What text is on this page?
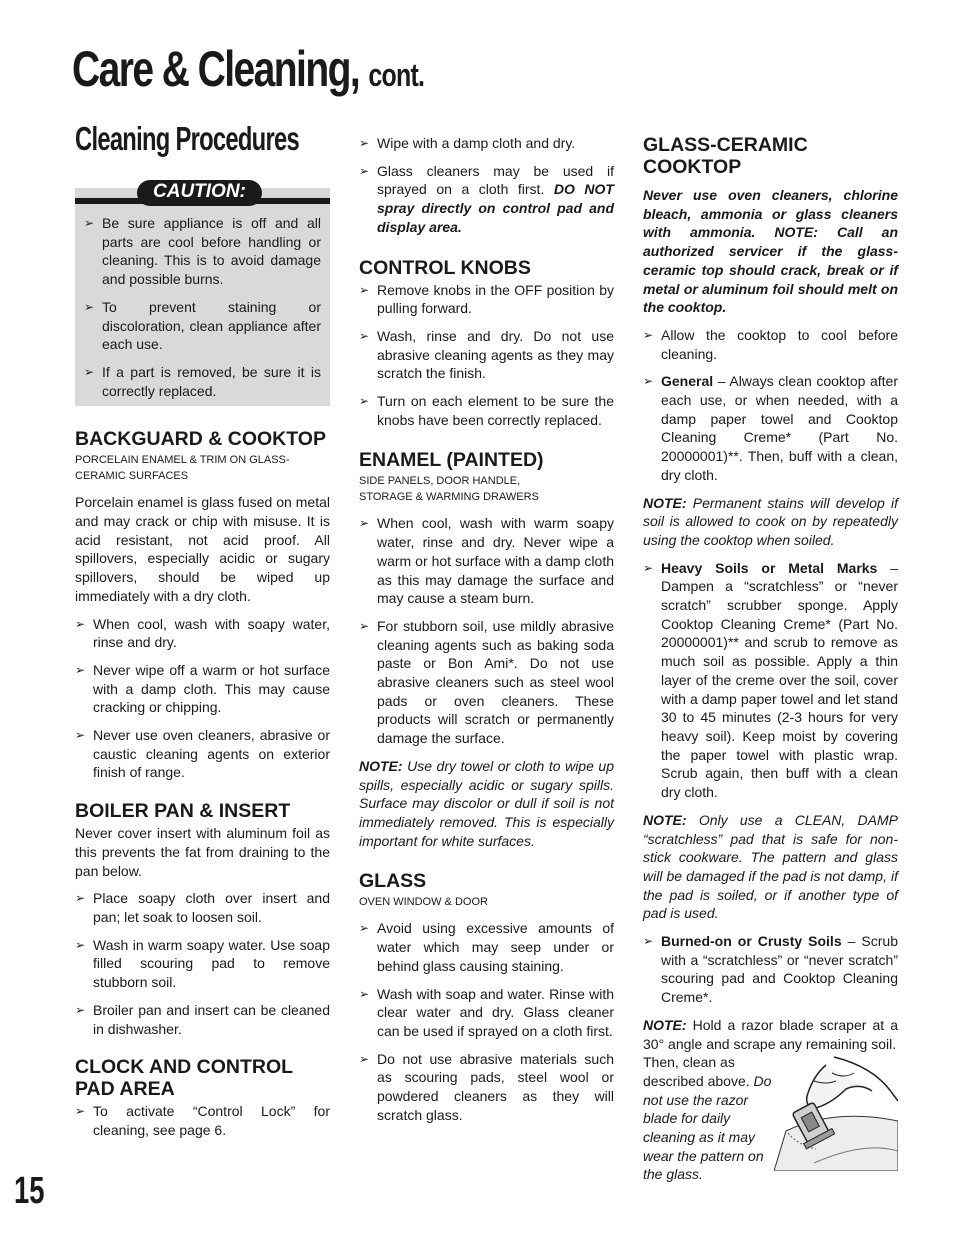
Care & Cleaning, cont.
Cleaning Procedures
CAUTION:
➢ Be sure appliance is off and all parts are cool before handling or cleaning. This is to avoid damage and possible burns.
➢ To prevent staining or discoloration, clean appliance after each use.
➢ If a part is removed, be sure it is correctly replaced.
BACKGUARD & COOKTOP
PORCELAIN ENAMEL & TRIM ON GLASS-CERAMIC SURFACES

Porcelain enamel is glass fused on metal and may crack or chip with misuse. It is acid resistant, not acid proof. All spillovers, especially acidic or sugary spillovers, should be wiped up immediately with a dry cloth.

➢ When cool, wash with soapy water, rinse and dry.
➢ Never wipe off a warm or hot surface with a damp cloth. This may cause cracking or chipping.
➢ Never use oven cleaners, abrasive or caustic cleaning agents on exterior finish of range.
BOILER PAN & INSERT

Never cover insert with aluminum foil as this prevents the fat from draining to the pan below.

➢ Place soapy cloth over insert and pan; let soak to loosen soil.
➢ Wash in warm soapy water. Use soap filled scouring pad to remove stubborn soil.
➢ Broiler pan and insert can be cleaned in dishwasher.
CLOCK AND CONTROL PAD AREA
➢ To activate “Control Lock” for cleaning, see page 6.
➢ Wipe with a damp cloth and dry.
➢ Glass cleaners may be used if sprayed on a cloth first. DO NOT spray directly on control pad and display area.
CONTROL KNOBS
➢ Remove knobs in the OFF position by pulling forward.
➢ Wash, rinse and dry. Do not use abrasive cleaning agents as they may scratch the finish.
➢ Turn on each element to be sure the knobs have been correctly replaced.
ENAMEL (PAINTED)
SIDE PANELS, DOOR HANDLE,
STORAGE & WARMING DRAWERS
➢ When cool, wash with warm soapy water, rinse and dry. Never wipe a warm or hot surface with a damp cloth as this may damage the surface and may cause a steam burn.
➢ For stubborn soil, use mildly abrasive cleaning agents such as baking soda paste or Bon Ami*. Do not use abrasive cleaners such as steel wool pads or oven cleaners. These products will scratch or permanently damage the surface.
NOTE: Use dry towel or cloth to wipe up spills, especially acidic or sugary spills. Surface may discolor or dull if soil is not immediately removed. This is especially important for white surfaces.
GLASS
OVEN WINDOW & DOOR
➢ Avoid using excessive amounts of water which may seep under or behind glass causing staining.
➢ Wash with soap and water. Rinse with clear water and dry. Glass cleaner can be used if sprayed on a cloth first.
➢ Do not use abrasive materials such as scouring pads, steel wool or powdered cleaners as they will scratch glass.
GLASS-CERAMIC
COOKTOP
Never use oven cleaners, chlorine bleach, ammonia or glass cleaners with ammonia. NOTE: Call an authorized servicer if the glass-ceramic top should crack, break or if metal or aluminum foil should melt on the cooktop.
➢ Allow the cooktop to cool before cleaning.
➢ General – Always clean cooktop after each use, or when needed, with a damp paper towel and Cooktop Cleaning Creme* (Part No. 20000001)**. Then, buff with a clean, dry cloth.
NOTE: Permanent stains will develop if soil is allowed to cook on by repeatedly using the cooktop when soiled.
➢ Heavy Soils or Metal Marks – Dampen a “scratchless” or “never scratch” scrubber sponge. Apply Cooktop Cleaning Creme* (Part No. 20000001)** and scrub to remove as much soil as possible. Apply a thin layer of the creme over the soil, cover with a damp paper towel and let stand 30 to 45 minutes (2-3 hours for very heavy soil). Keep moist by covering the paper towel with plastic wrap. Scrub again, then buff with a clean dry cloth.
NOTE: Only use a CLEAN, DAMP “scratchless” pad that is safe for non-stick cookware. The pattern and glass will be damaged if the pad is not damp, if the pad is soiled, or if another type of pad is used.
➢ Burned-on or Crusty Soils – Scrub with a “scratchless” or “never scratch” scouring pad and Cooktop Cleaning Creme*.

NOTE: Hold a razor blade scraper at a 30° angle and scrape any remaining soil.

Then, clean as described above. Do not use the razor blade for daily cleaning as it may wear the pattern on the glass.
15
